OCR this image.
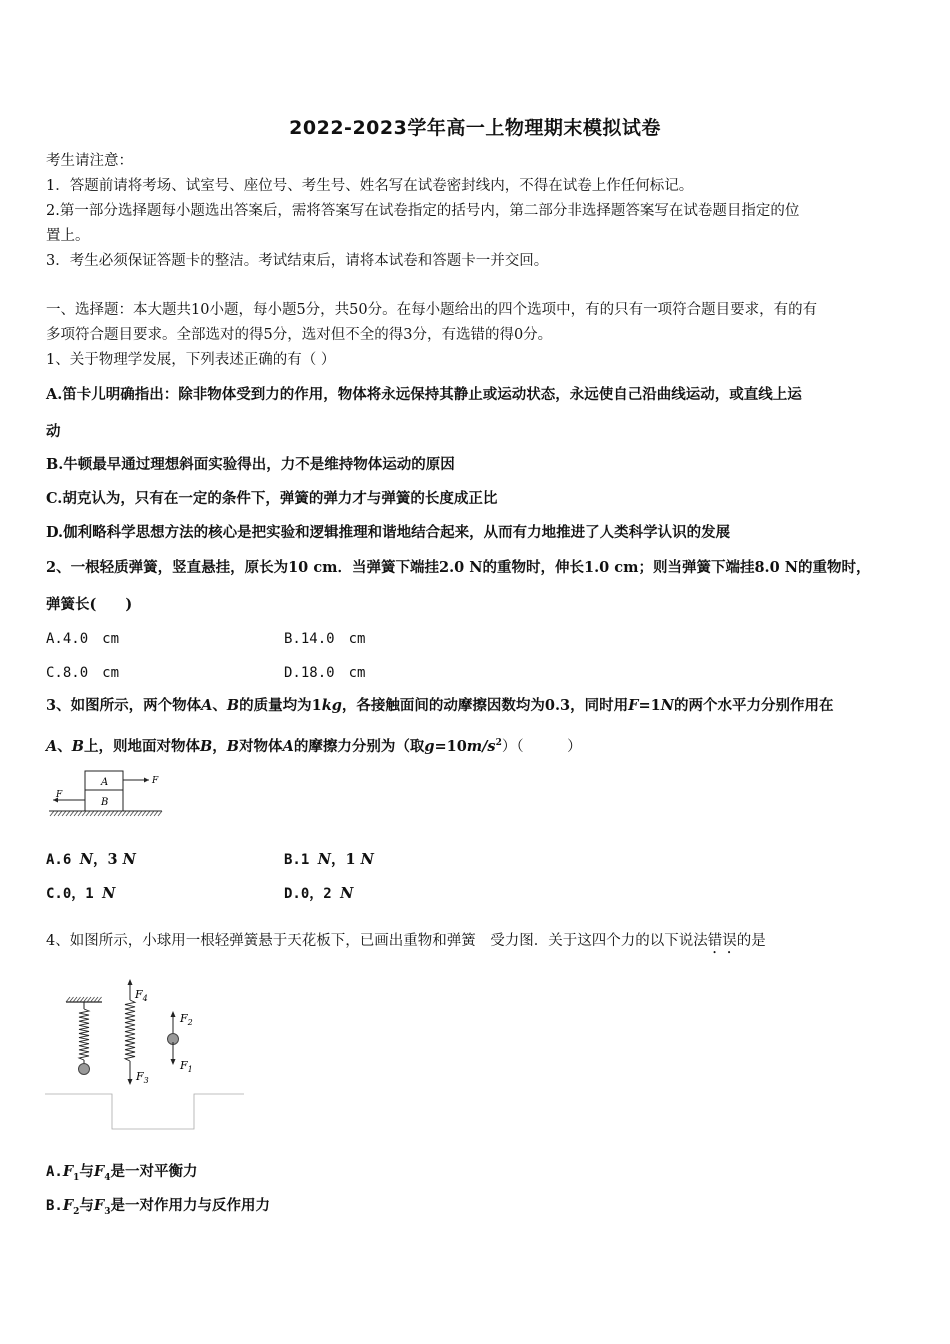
2022-2023学年高一上物理期末模拟试卷
考生请注意：
1．答题前请将考场、试室号、座位号、考生号、姓名写在试卷密封线内，不得在试卷上作任何标记。
2.第一部分选择题每小题选出答案后，需将答案写在试卷指定的括号内，第二部分非选择题答案写在试卷题目指定的位
置上。
3．考生必须保证答题卡的整洁。考试结束后，请将本试卷和答题卡一并交回。
一、选择题：本大题共10小题，每小题5分，共50分。在每小题给出的四个选项中，有的只有一项符合题目要求，有的有
多项符合题目要求。全部选对的得5分，选对但不全的得3分，有选错的得0分。
1、关于物理学发展，下列表述正确的有（ ）
A.笛卡儿明确指出：除非物体受到力的作用，物体将永远保持其静止或运动状态，永远使自己沿曲线运动，或直线上运
动
B.牛顿最早通过理想斜面实验得出，力不是维持物体运动的原因
C.胡克认为，只有在一定的条件下，弹簧的弹力才与弹簧的长度成正比
D.伽利略科学思想方法的核心是把实验和逻辑推理和谐地结合起来，从而有力地推进了人类科学认识的发展
2、一根轻质弹簧，竖直悬挂，原长为10 cm．当弹簧下端挂2.0 N的重物时，伸长1.0 cm；则当弹簧下端挂8.0 N的重物时，
弹簧长(　　)
A.4.0　cm	B.14.0　cm
C.8.0　cm	D.18.0　cm
3、如图所示，两个物体A、B的质量均为1kg，各接触面间的动摩擦因数均为0.3，同时用F=1N的两个水平力分别作用在
A、B上，则地面对物体B，B对物体A的摩擦力分别为（取$g=10m/s^2$）（　　　）
A
B
F
F
A.6 N，3 N	B.1 N，1 N
C.0，1 N	D.0，2 N
4、如图所示，小球用一根轻弹簧悬于天花板下，已画出重物和弹簧　受力图．关于这四个力的以下说法错误的是
$F_4$
$F_3$
$F_2$
$F_1$
$A.F_1$与$F_4$是一对平衡力
$B.F_2$与$F_3$是一对作用力与反作用力
